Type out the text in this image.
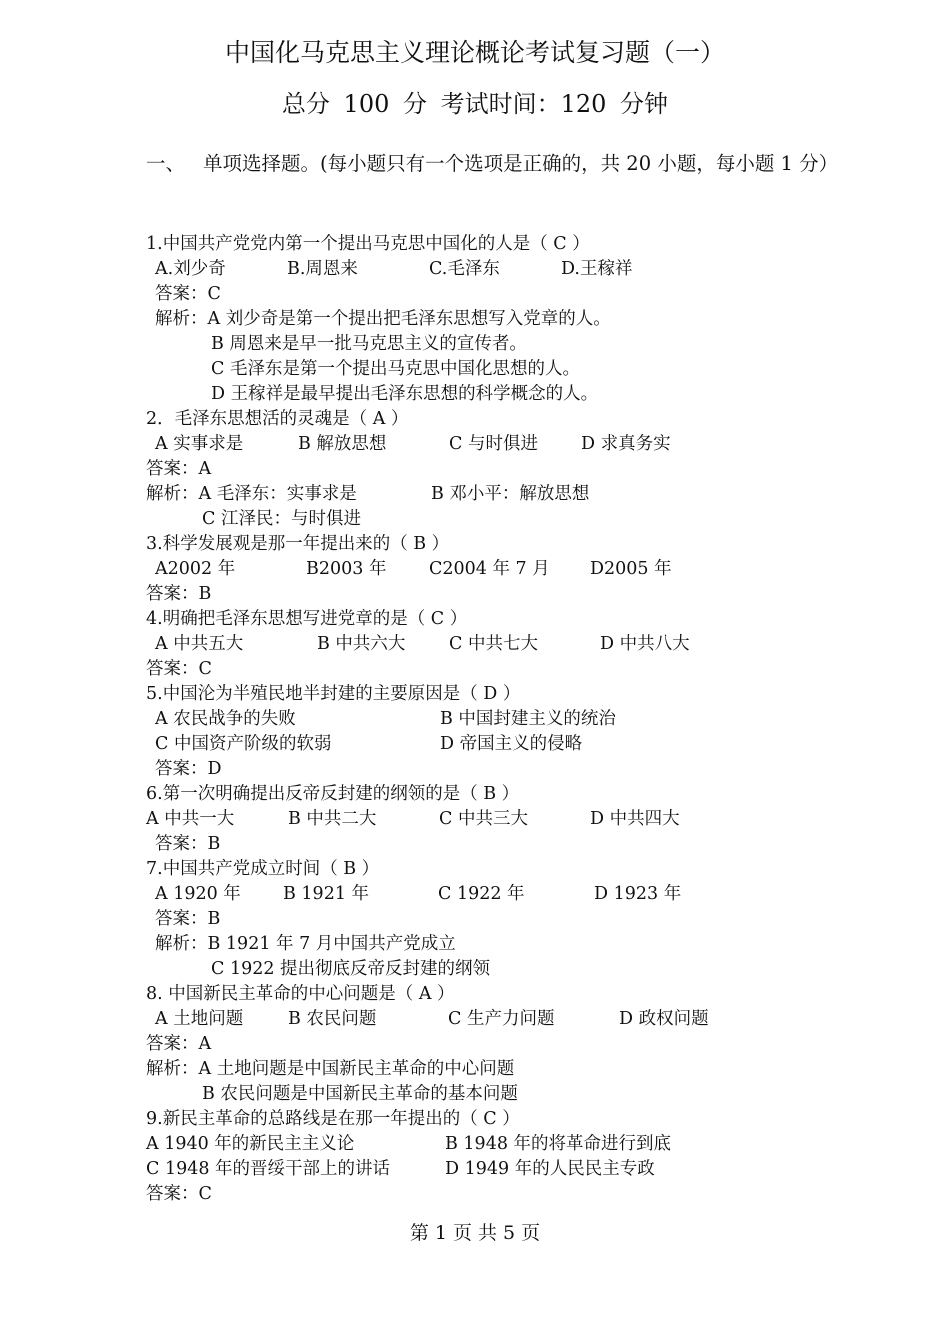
中国化马克思主义理论概论考试复习题（一）
总分 100 分 考试时间：120 分钟
一、 单项选择题。(每小题只有一个选项是正确的，共 20 小题，每小题 1 分）
1.中国共产党党内第一个提出马克思中国化的人是（ C ）
A.刘少奇	B.周恩来	C.毛泽东	D.王稼祥
答案：C
解析：A 刘少奇是第一个提出把毛泽东思想写入党章的人。
B 周恩来是早一批马克思主义的宣传者。
C 毛泽东是第一个提出马克思中国化思想的人。
D 王稼祥是最早提出毛泽东思想的科学概念的人。
2．毛泽东思想活的灵魂是（ A ）
A 实事求是	B 解放思想	C 与时俱进 D 求真务实
答案：A
解析：A 毛泽东：实事求是	B 邓小平：解放思想
C 江泽民：与时俱进
3.科学发展观是那一年提出来的（ B ）
A2002 年	B2003 年 C2004 年 7 月 D2005 年
答案：B
4.明确把毛泽东思想写进党章的是（ C ）
A 中共五大	B 中共六大 C 中共七大	D 中共八大
答案：C
5.中国沦为半殖民地半封建的主要原因是（ D ）
A 农民战争的失败	B 中国封建主义的统治
C 中国资产阶级的软弱	D 帝国主义的侵略
答案：D
6.第一次明确提出反帝反封建的纲领的是（ B ）
A 中共一大	B 中共二大	C 中共三大	D 中共四大
答案：B
7.中国共产党成立时间（ B ）
A 1920 年 B 1921 年	C 1922 年	D 1923 年
答案：B
解析：B 1921 年 7 月中国共产党成立
C 1922 提出彻底反帝反封建的纲领
8. 中国新民主革命的中心问题是（ A ）
A 土地问题	B 农民问题	C 生产力问题	D 政权问题
答案：A
解析：A 土地问题是中国新民主革命的中心问题
B 农民问题是中国新民主革命的基本问题
9.新民主革命的总路线是在那一年提出的（ C ）
A 1940 年的新民主主义论	B 1948 年的将革命进行到底
C 1948 年的晋绥干部上的讲话	D 1949 年的人民民主专政
答案：C
第 1 页 共 5 页
